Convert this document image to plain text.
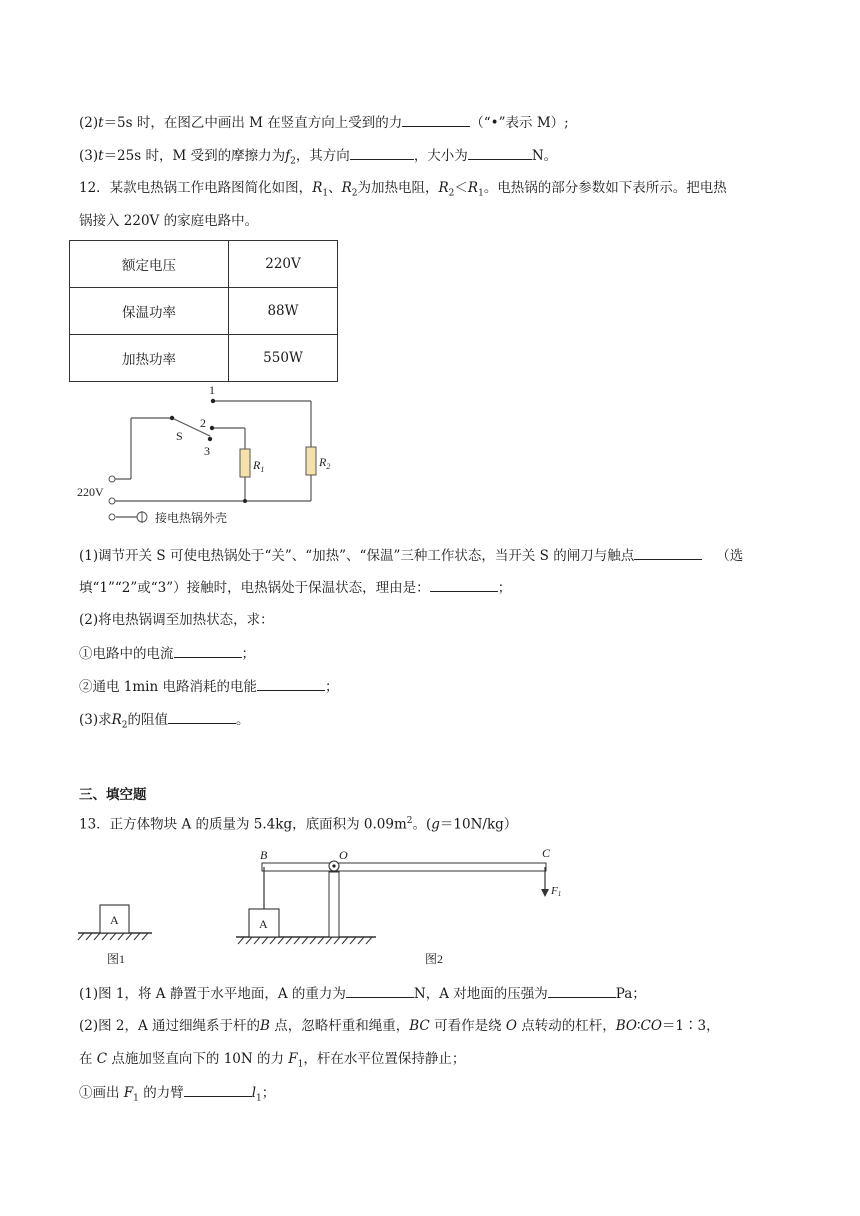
(2)t＝5s 时，在图乙中画出 M 在竖直方向上受到的力	（“•”表示 M）;
(3)t＝25s 时，M 受到的摩擦力为$f_2$，其方向	，大小为	N。
12．某款电热锅工作电路图简化如图，$R_1$、$R_2$为加热电阻，$R_2<R_1$。电热锅的部分参数如下表所示。把电热
锅接入 220V 的家庭电路中。
额定电压	220V
保温功率	88W
加热功率	550W
1
2
3
S
220V
$R_1$
$R_2$
接电热锅外壳
(1)调节开关 S 可使电热锅处于“关”、“加热”、“保温”三种工作状态，当开关 S 的闸刀与触点	（选
填“1”“2”或“3”）接触时，电热锅处于保温状态，理由是：	；
(2)将电热锅调至加热状态，求：
①电路中的电流	；
②通电 1min 电路消耗的电能	；
(3)求$R_2$的阻值	。
三、填空题
13．正方体物块 A 的质量为 5.4kg，底面积为 $0.09m^2$。(g＝10N/kg）
A
图1
A
B	O	C
F1
图2
(1)图 1，将 A 静置于水平地面，A 的重力为	N，A 对地面的压强为	Pa；
(2)图 2，A 通过细绳系于杆的B 点，忽略杆重和绳重，BC 可看作是绕 O 点转动的杠杆，BO∶CO＝1∶3，
在 C 点施加竖直向下的 10N 的力 $F_1$，杆在水平位置保持静止；
①画出 $F_1$ 的力臂	$l_1$；
